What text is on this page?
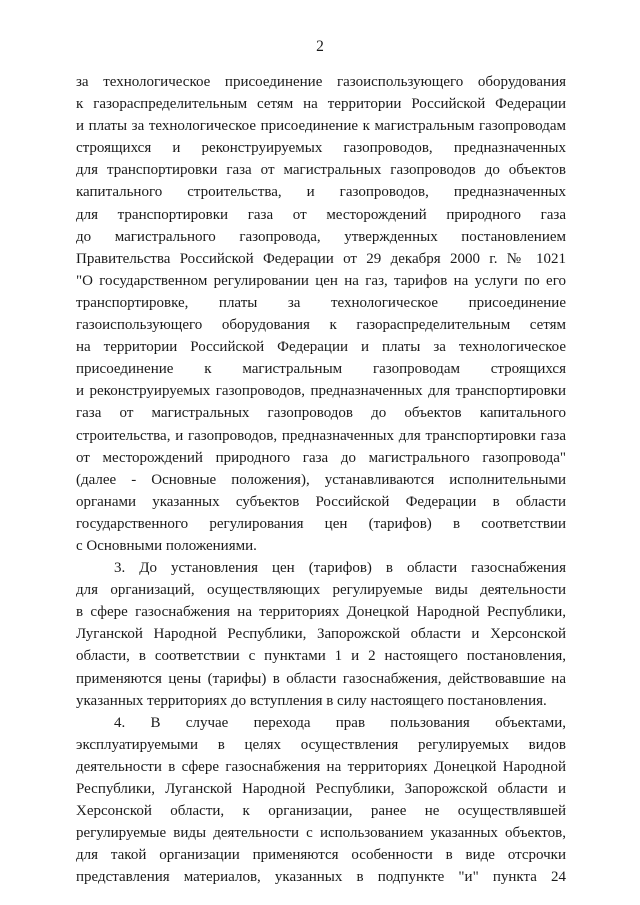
2
за технологическое присоединение газоиспользующего оборудования
к газораспределительным сетям на территории Российской Федерации
и платы за технологическое присоединение к магистральным газопроводам
строящихся и реконструируемых газопроводов, предназначенных
для транспортировки газа от магистральных газопроводов до объектов
капитального строительства, и газопроводов, предназначенных
для транспортировки газа от месторождений природного газа
до магистрального газопровода, утвержденных постановлением
Правительства Российской Федерации от 29 декабря 2000 г. № 1021
"О государственном регулировании цен на газ, тарифов на услуги по его
транспортировке, платы за технологическое присоединение
газоиспользующего оборудования к газораспределительным сетям
на территории Российской Федерации и платы за технологическое
присоединение к магистральным газопроводам строящихся
и реконструируемых газопроводов, предназначенных для транспортировки
газа от магистральных газопроводов до объектов капитального
строительства, и газопроводов, предназначенных для транспортировки газа
от месторождений природного газа до магистрального газопровода"
(далее - Основные положения), устанавливаются исполнительными
органами указанных субъектов Российской Федерации в области
государственного регулирования цен (тарифов) в соответствии
с Основными положениями.
3. До установления цен (тарифов) в области газоснабжения
для организаций, осуществляющих регулируемые виды деятельности
в сфере газоснабжения на территориях Донецкой Народной Республики,
Луганской Народной Республики, Запорожской области и Херсонской
области, в соответствии с пунктами 1 и 2 настоящего постановления,
применяются цены (тарифы) в области газоснабжения, действовавшие на
указанных территориях до вступления в силу настоящего постановления.
4. В случае перехода прав пользования объектами,
эксплуатируемыми в целях осуществления регулируемых видов
деятельности в сфере газоснабжения на территориях Донецкой Народной
Республики, Луганской Народной Республики, Запорожской области и
Херсонской области, к организации, ранее не осуществлявшей
регулируемые виды деятельности с использованием указанных объектов,
для такой организации применяются особенности в виде отсрочки
представления материалов, указанных в подпункте "и" пункта 24
